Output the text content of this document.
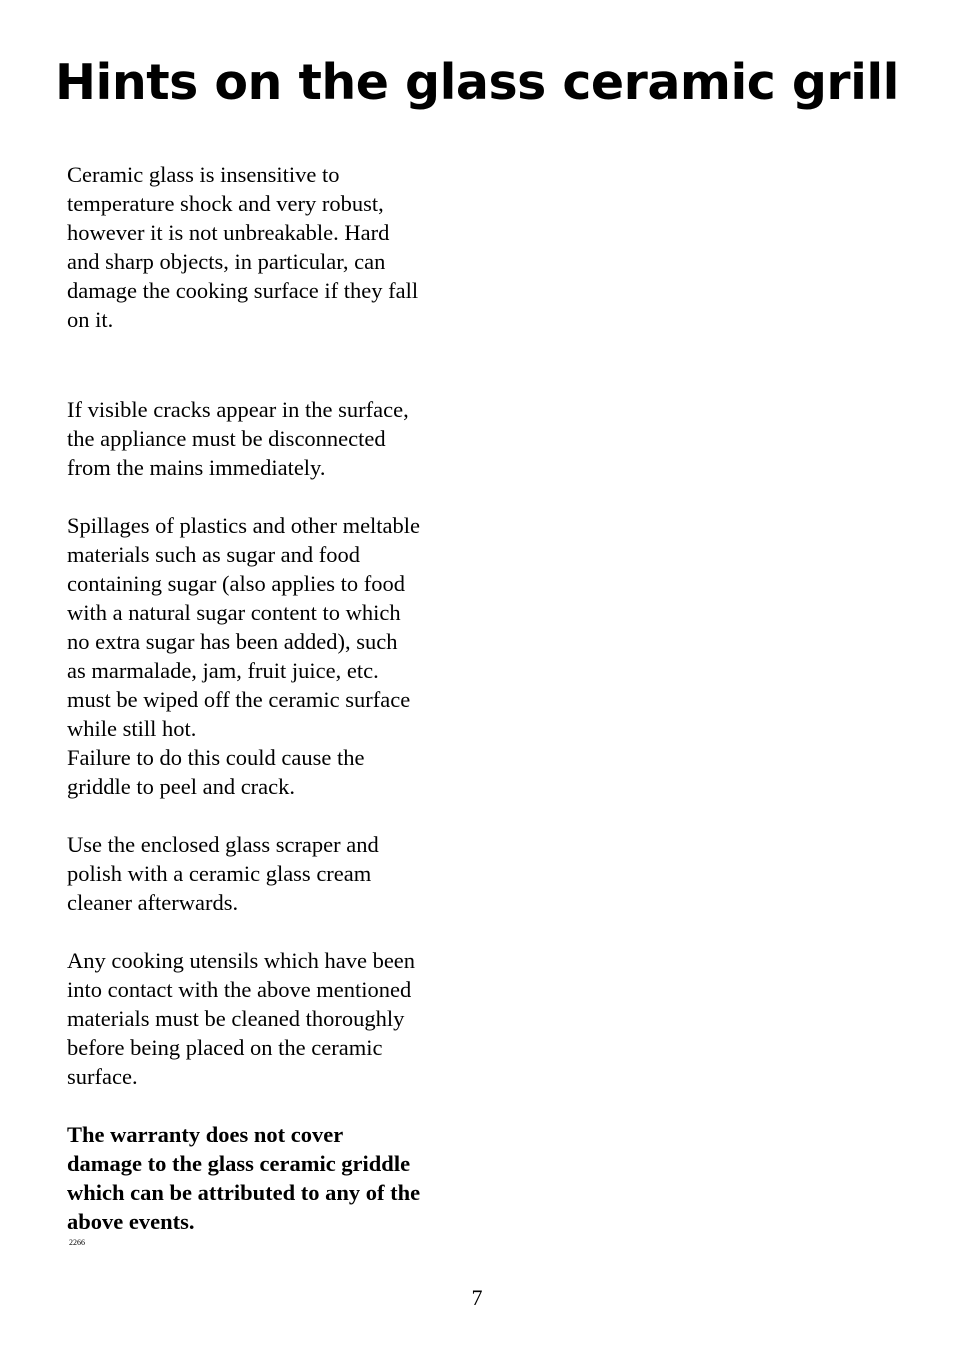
Hints on the glass ceramic grill

Ceramic glass is insensitive to
temperature shock and very robust,
however it is not unbreakable. Hard
and sharp objects, in particular, can
damage the cooking surface if they fall
on it.

If visible cracks appear in the surface,
the appliance must be disconnected
from the mains immediately.

Spillages of plastics and other meltable
materials such as sugar and food
containing sugar (also applies to food
with a natural sugar content to which
no extra sugar has been added), such
as marmalade, jam, fruit juice, etc.
must be wiped off the ceramic surface
while still hot.
Failure to do this could cause the
griddle to peel and crack.

Use the enclosed glass scraper and
polish with a ceramic glass cream
cleaner afterwards.

Any cooking utensils which have been
into contact with the above mentioned
materials must be cleaned thoroughly
before being placed on the ceramic
surface.

The warranty does not cover
damage to the glass ceramic griddle
which can be attributed to any of the
above events.

2266
7
